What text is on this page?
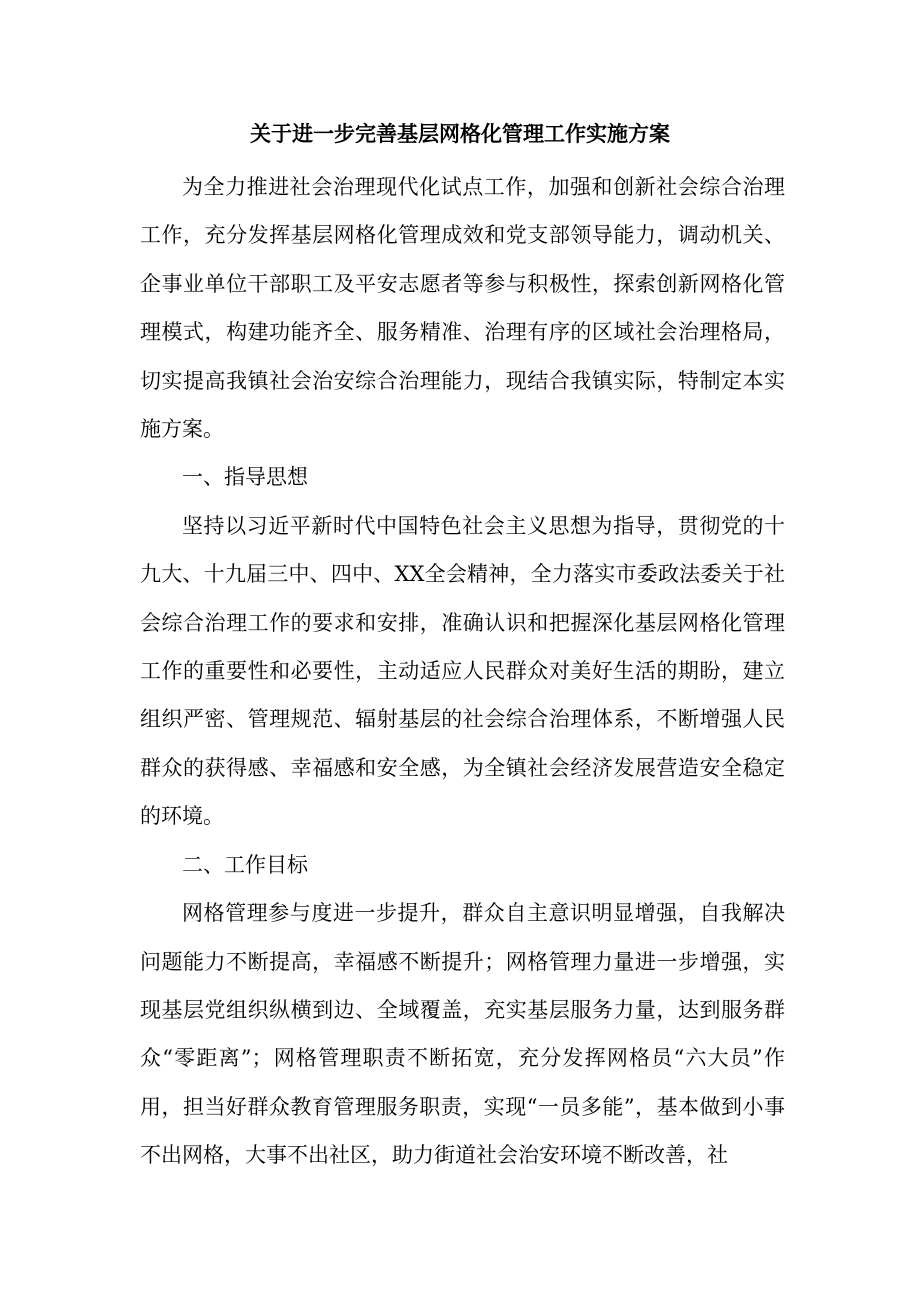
关于进一步完善基层网格化管理工作实施方案

为全力推进社会治理现代化试点工作，加强和创新社会综合治理工作，充分发挥基层网格化管理成效和党支部领导能力，调动机关、企事业单位干部职工及平安志愿者等参与积极性，探索创新网格化管理模式，构建功能齐全、服务精准、治理有序的区域社会治理格局，切实提高我镇社会治安综合治理能力，现结合我镇实际，特制定本实施方案。

一、指导思想

坚持以习近平新时代中国特色社会主义思想为指导，贯彻党的十九大、十九届三中、四中、XX全会精神，全力落实市委政法委关于社会综合治理工作的要求和安排，准确认识和把握深化基层网格化管理工作的重要性和必要性，主动适应人民群众对美好生活的期盼，建立组织严密、管理规范、辐射基层的社会综合治理体系，不断增强人民群众的获得感、幸福感和安全感，为全镇社会经济发展营造安全稳定的环境。

二、工作目标

网格管理参与度进一步提升，群众自主意识明显增强，自我解决问题能力不断提高，幸福感不断提升；网格管理力量进一步增强，实现基层党组织纵横到边、全域覆盖，充实基层服务力量，达到服务群众“零距离”；网格管理职责不断拓宽，充分发挥网格员“六大员”作用，担当好群众教育管理服务职责，实现“一员多能”，基本做到小事不出网格，大事不出社区，助力街道社会治安环境不断改善，社
